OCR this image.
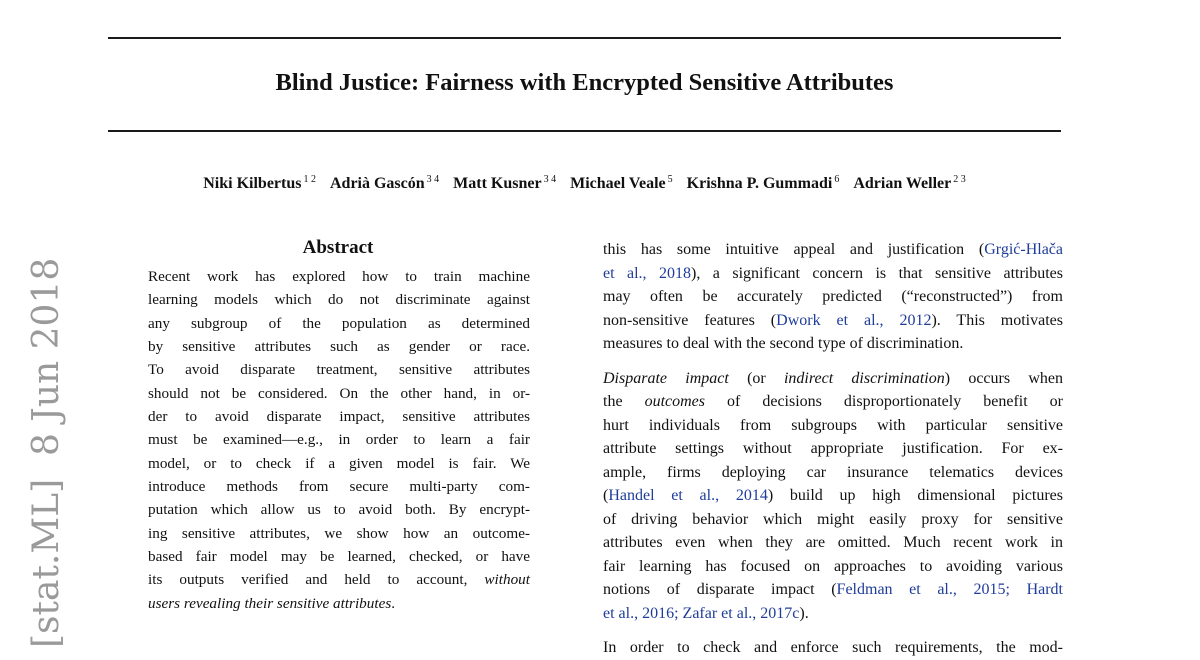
Blind Justice: Fairness with Encrypted Sensitive Attributes
Niki Kilbertus $^{1 2}$ Adrià Gascón $^{3 4}$ Matt Kusner $^{3 4}$ Michael Veale $^5$ Krishna P. Gummadi $^6$ Adrian Weller $^{2 3}$
[stat.ML]  8 Jun 2018
Abstract
Recent work has explored how to train machine
learning models which do not discriminate against
any subgroup of the population as determined
by sensitive attributes such as gender or race.
To avoid disparate treatment, sensitive attributes
should not be considered. On the other hand, in or-
der to avoid disparate impact, sensitive attributes
must be examined—e.g., in order to learn a fair
model, or to check if a given model is fair. We
introduce methods from secure multi-party com-
putation which allow us to avoid both. By encrypt-
ing sensitive attributes, we show how an outcome-
based fair model may be learned, checked, or have
its outputs verified and held to account, without
users revealing their sensitive attributes.
this has some intuitive appeal and justification (Grgić-Hlača
et al., 2018), a significant concern is that sensitive attributes
may often be accurately predicted (“reconstructed”) from
non-sensitive features (Dwork et al., 2012). This motivates
measures to deal with the second type of discrimination.
Disparate impact (or indirect discrimination) occurs when
the outcomes of decisions disproportionately benefit or
hurt individuals from subgroups with particular sensitive
attribute settings without appropriate justification. For ex-
ample, firms deploying car insurance telematics devices
(Handel et al., 2014) build up high dimensional pictures
of driving behavior which might easily proxy for sensitive
attributes even when they are omitted. Much recent work in
fair learning has focused on approaches to avoiding various
notions of disparate impact (Feldman et al., 2015; Hardt
et al., 2016; Zafar et al., 2017c).
In order to check and enforce such requirements, the mod-
